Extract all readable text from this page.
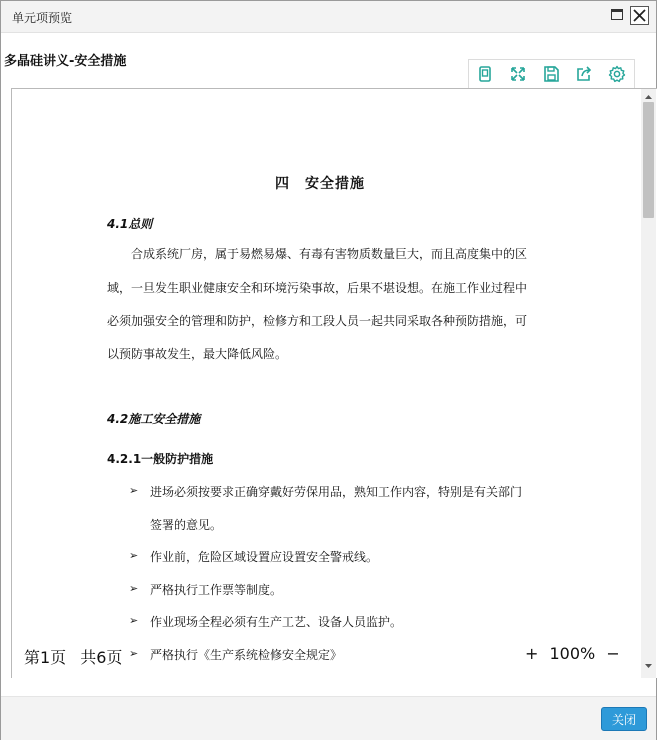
单元项预览
多晶硅讲义-安全措施
四　安全措施
4.1总则
　　合成系统厂房，属于易燃易爆、有毒有害物质数量巨大，而且高度集中的区
域，一旦发生职业健康安全和环境污染事故，后果不堪设想。在施工作业过程中
必须加强安全的管理和防护，检修方和工段人员一起共同采取各种预防措施，可
以预防事故发生，最大降低风险。
4.2施工安全措施
4.2.1一般防护措施
➢ 进场必须按要求正确穿戴好劳保用品，熟知工作内容，特别是有关部门
签署的意见。
➢ 作业前，危险区域设置应设置安全警戒线。
➢ 严格执行工作票等制度。
➢ 作业现场全程必须有生产工艺、设备人员监护。
➢ 严格执行《生产系统检修安全规定》
第1页 共6页	+ 100% −
关闭
